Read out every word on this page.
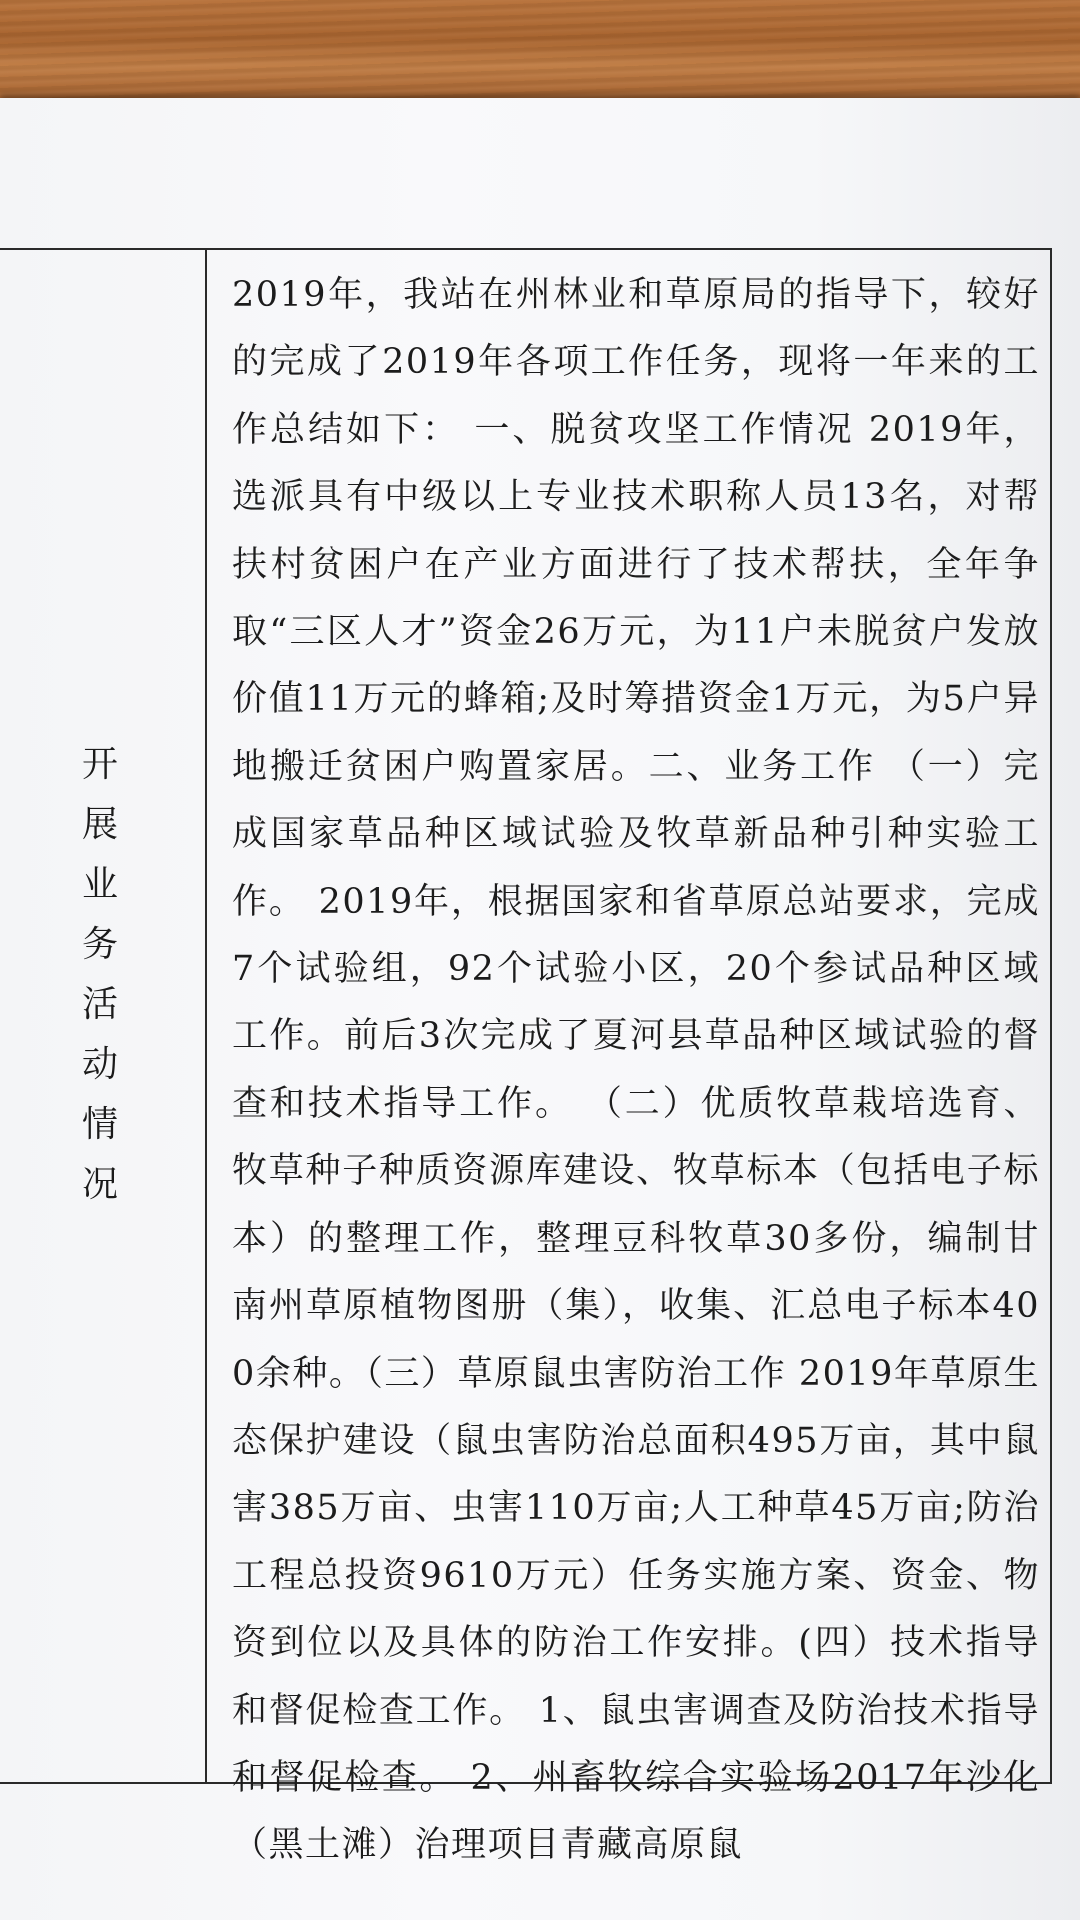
开展业务活动情况
2019年，我站在州林业和草原局的指导下，较好的完成了2019年各项工作任务，现将一年来的工作总结如下： 一、脱贫攻坚工作情况 2019年，选派具有中级以上专业技术职称人员13名，对帮扶村贫困户在产业方面进行了技术帮扶，全年争取“三区人才”资金26万元，为11户未脱贫户发放价值11万元的蜂箱;及时筹措资金1万元，为5户异地搬迁贫困户购置家居。二、业务工作 （一）完成国家草品种区域试验及牧草新品种引种实验工作。 2019年，根据国家和省草原总站要求，完成7个试验组，92个试验小区，20个参试品种区域工作。前后3次完成了夏河县草品种区域试验的督查和技术指导工作。 （二）优质牧草栽培选育、牧草种子种质资源库建设、牧草标本（包括电子标本）的整理工作，整理豆科牧草30多份，编制甘南州草原植物图册（集），收集、汇总电子标本400余种。（三）草原鼠虫害防治工作 2019年草原生态保护建设（鼠虫害防治总面积495万亩，其中鼠害385万亩、虫害110万亩;人工种草45万亩;防治工程总投资9610万元）任务实施方案、资金、物资到位以及具体的防治工作安排。(四）技术指导和督促检查工作。 1、鼠虫害调查及防治技术指导和督促检查。 2、州畜牧综合实验场2017年沙化（黑土滩）治理项目青藏高原鼠
